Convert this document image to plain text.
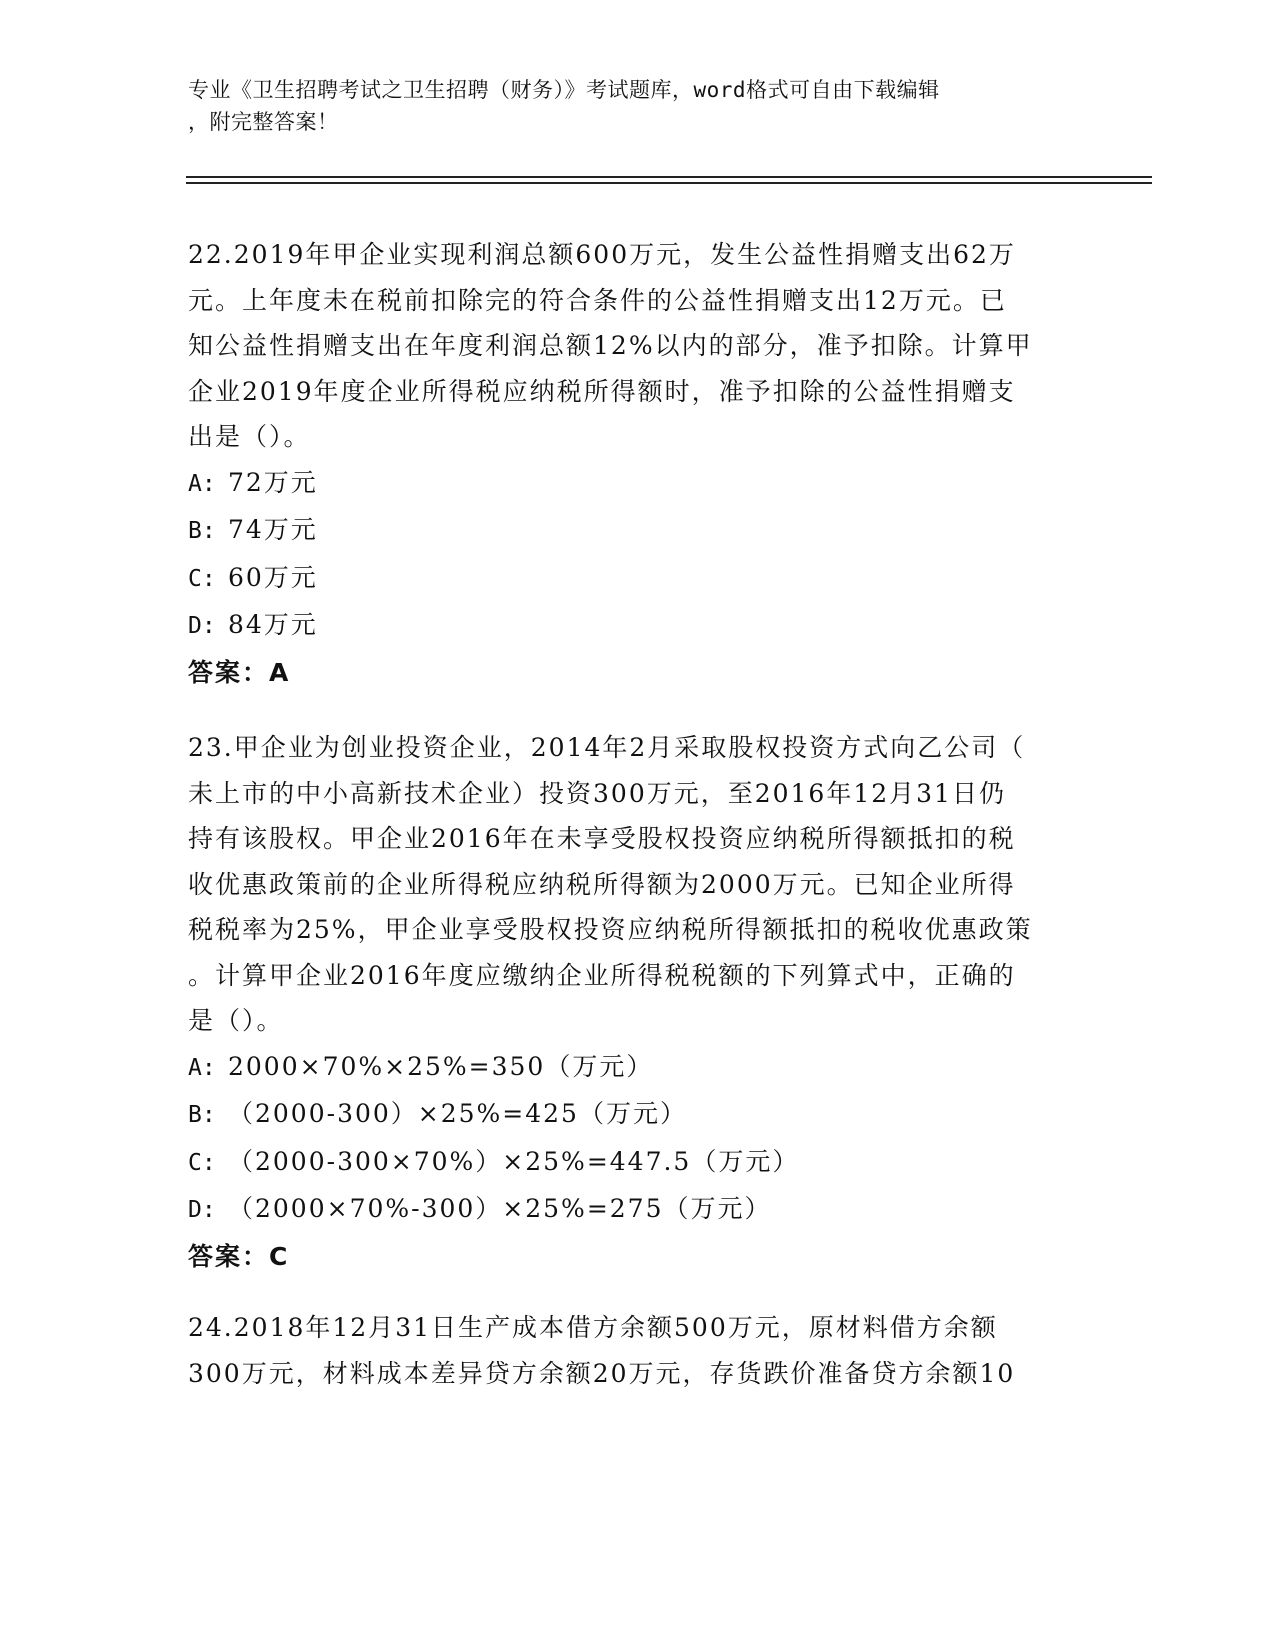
专业《卫生招聘考试之卫生招聘（财务）》考试题库，word格式可自由下载编辑
，附完整答案！
22.2019年甲企业实现利润总额600万元，发生公益性捐赠支出62万
元。上年度未在税前扣除完的符合条件的公益性捐赠支出12万元。已
知公益性捐赠支出在年度利润总额12%以内的部分，准予扣除。计算甲
企业2019年度企业所得税应纳税所得额时，准予扣除的公益性捐赠支
出是（）。
A: 72万元
B: 74万元
C: 60万元
D: 84万元
答案：A
23.甲企业为创业投资企业，2014年2月采取股权投资方式向乙公司（
未上市的中小高新技术企业）投资300万元，至2016年12月31日仍
持有该股权。甲企业2016年在未享受股权投资应纳税所得额抵扣的税
收优惠政策前的企业所得税应纳税所得额为2000万元。已知企业所得
税税率为25%，甲企业享受股权投资应纳税所得额抵扣的税收优惠政策
。计算甲企业2016年度应缴纳企业所得税税额的下列算式中，正确的
是（）。
A: 2000×70%×25%=350（万元）
B: （2000-300）×25%=425（万元）
C: （2000-300×70%）×25%=447.5（万元）
D: （2000×70%-300）×25%=275（万元）
答案：C
24.2018年12月31日生产成本借方余额500万元，原材料借方余额
300万元，材料成本差异贷方余额20万元，存货跌价准备贷方余额10
